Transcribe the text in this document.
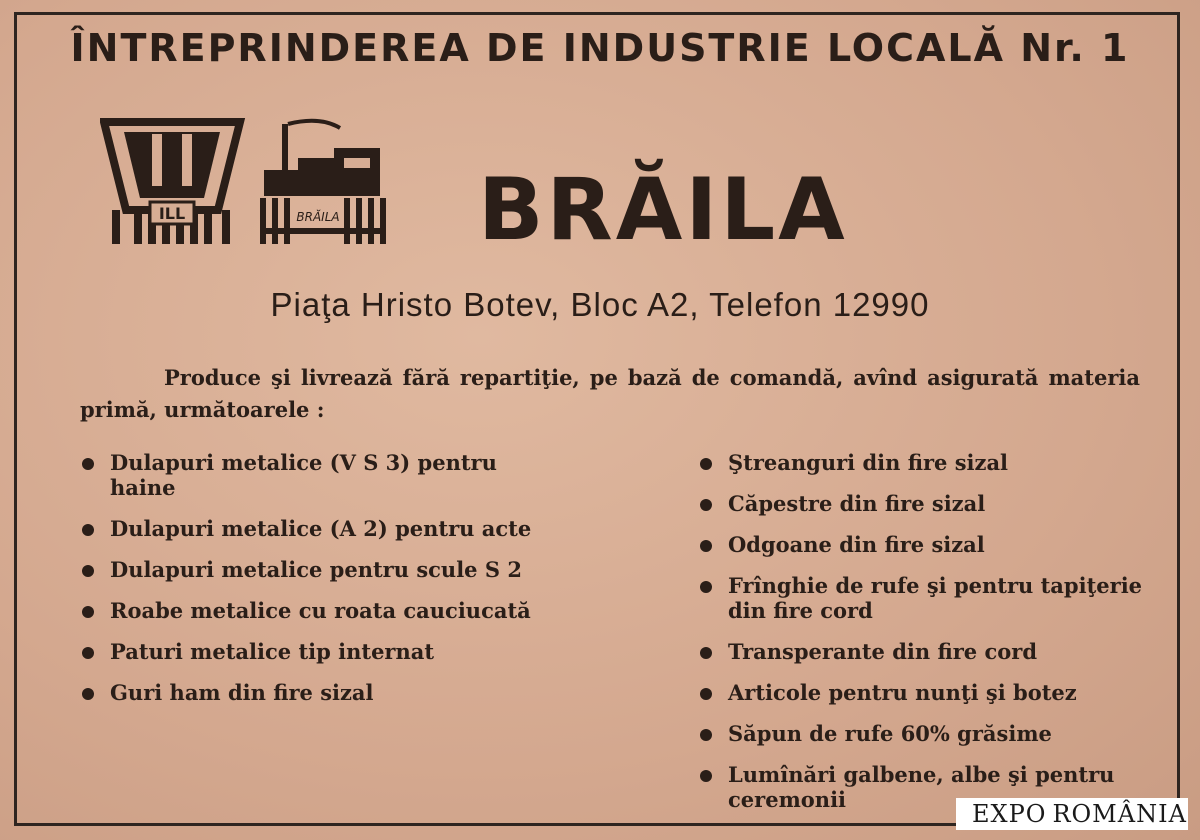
ÎNTREPRINDEREA DE INDUSTRIE LOCALĂ Nr. 1
ILL	BRĂILA BRĂILA
Piaţa Hristo Botev, Bloc A2, Telefon 12990
Produce şi livrează fără repartiţie, pe bază de comandă, avînd asigurată materia primă, următoarele :
Dulapuri metalice (V S 3) pentru haine
Dulapuri metalice (A 2) pentru acte
Dulapuri metalice pentru scule S 2
Roabe metalice cu roata cauciucată
Paturi metalice tip internat
Guri ham din fire sizal
Ştreanguri din fire sizal
Căpestre din fire sizal
Odgoane din fire sizal
Frînghie de rufe şi pentru tapiţerie din fire cord
Transperante din fire cord
Articole pentru nunţi şi botez
Săpun de rufe 60% grăsime
Lumînări galbene, albe şi pentru ceremonii
EXPO ROMÂNIA
